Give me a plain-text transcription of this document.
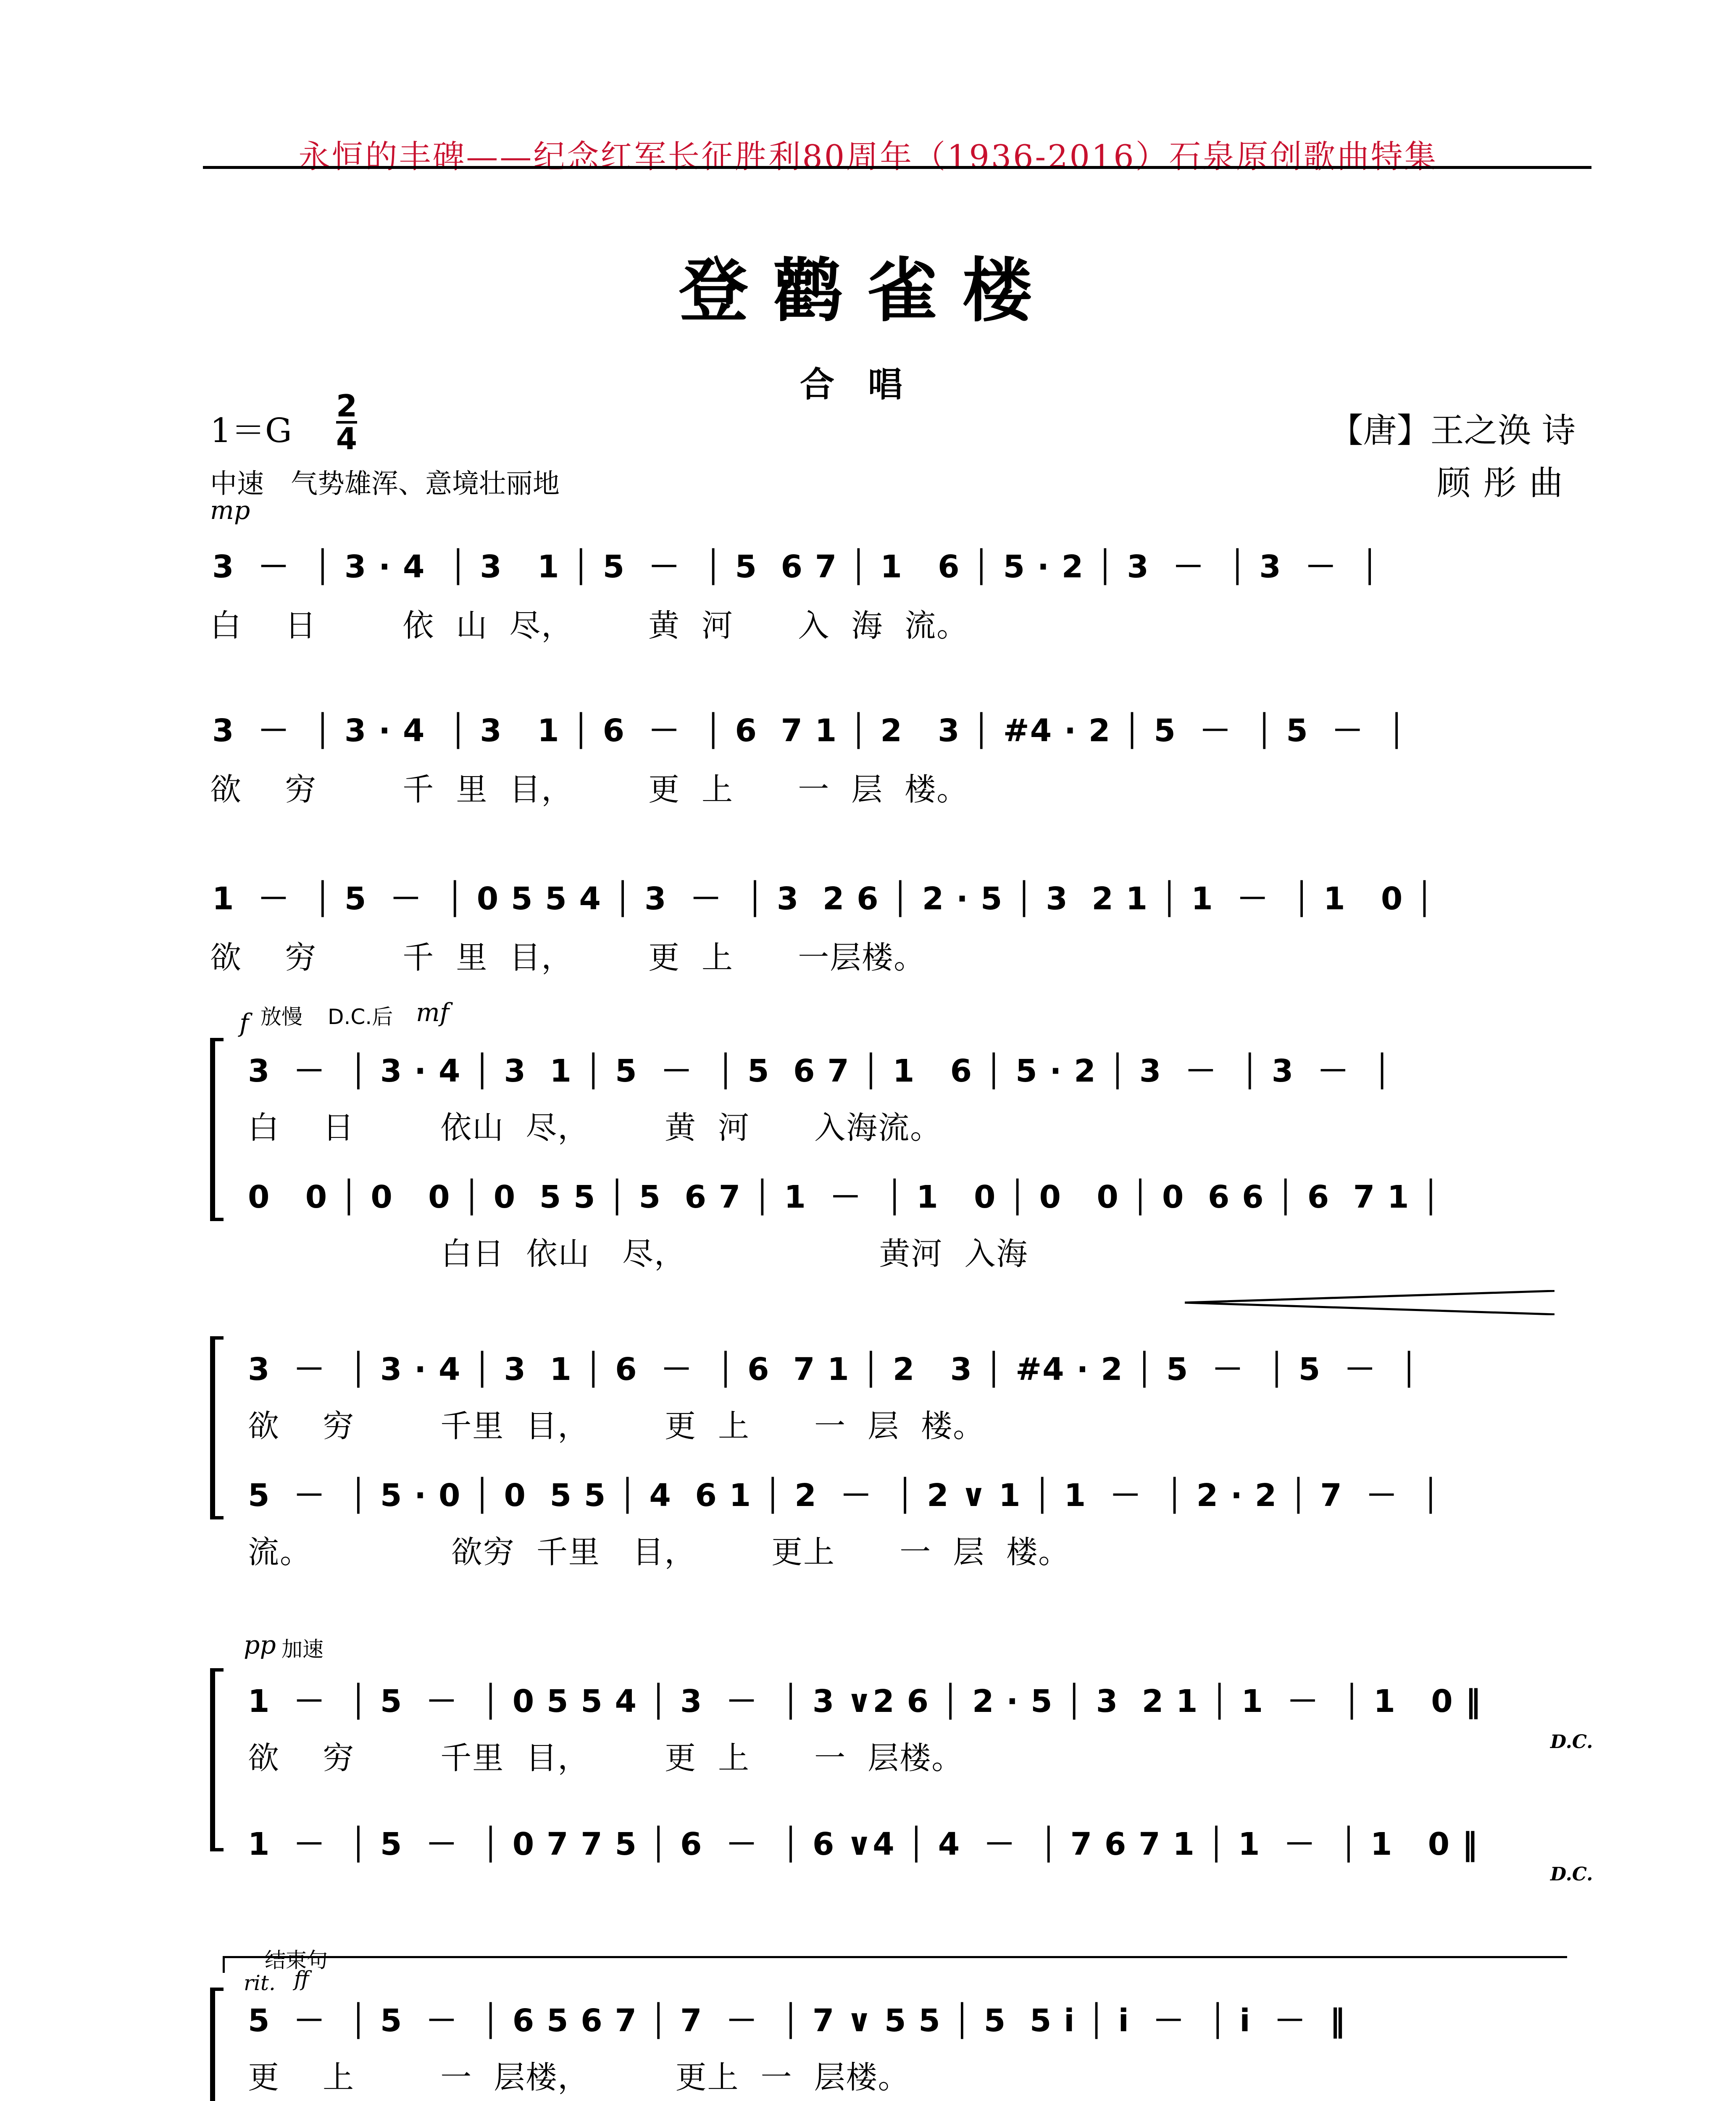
永恒的丰碑——纪念红军长征胜利80周年（1936-2016）石泉原创歌曲特集
登鹳雀楼
合唱
1＝G
2
4
中速　气势雄浑、意境壮丽地
【唐】王之涣 诗
顾彤曲
mp
3  －  │ 3 · 4  │ 3   1 │ 5  －  │ 5  6 7 │ 1   6 │ 5 · 2 │ 3  －  │ 3  －  │
白    日        依  山  尽，       黄  河      入  海  流。
3  －  │ 3 · 4  │ 3   1 │ 6  －  │ 6  7 1 │ 2   3 │ #4 · 2 │ 5  －  │ 5  －  │
欲    穷        千  里  目，       更  上      一  层  楼。
1  －  │ 5  －  │ 0 5 5 4 │ 3  －  │ 3  2 6 │ 2 · 5 │ 3  2 1 │ 1  －  │ 1   0 │
欲    穷        千  里  目，       更  上      一层楼。
f 放慢 D.C.后 mf
3  －  │ 3 · 4 │ 3  1 │ 5  －  │ 5  6 7 │ 1   6 │ 5 · 2 │ 3  －  │ 3  －  │
白    日        依山  尽，       黄  河      入海流。
0   0 │ 0   0 │ 0  5 5 │ 5  6 7 │ 1  －  │ 1   0 │ 0   0 │ 0  6 6 │ 6  7 1 │
白日  依山   尽，                  黄河  入海
3  －  │ 3 · 4 │ 3  1 │ 6  －  │ 6  7 1 │ 2   3 │ #4 · 2 │ 5  －  │ 5  －  │
欲    穷        千里  目，       更  上      一  层  楼。
5  －  │ 5 · 0 │ 0  5 5 │ 4  6 1 │ 2  －  │ 2 ∨ 1 │ 1  －  │ 2 · 2 │ 7  －  │
流。             欲穷  千里   目，       更上      一  层  楼。
pp 加速
1  －  │ 5  －  │ 0 5 5 4 │ 3  －  │ 3 ∨2 6 │ 2 · 5 │ 3  2 1 │ 1  －  │ 1   0 ‖
欲    穷        千里  目，       更  上      一  层楼。	D.C.
1  －  │ 5  －  │ 0 7 7 5 │ 6  －  │ 6 ∨4 │ 4  －  │ 7 6 7 1 │ 1  －  │ 1   0 ‖
D.C.
结束句
rit. ff
5  －  │ 5  －  │ 6 5 6 7 │ 7  －  │ 7 ∨ 5 5 │ 5  5 i │ i  －  │ i  －  ‖
更    上        一  层楼，        更上  一  层楼。
